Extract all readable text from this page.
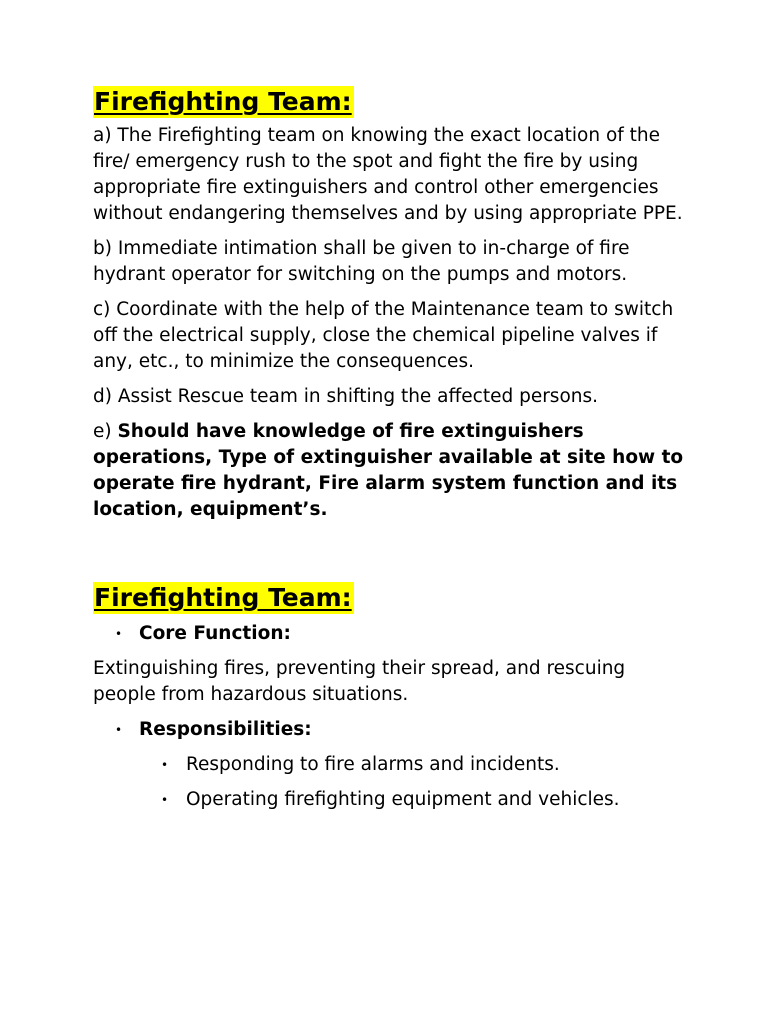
Firefighting Team:

a) The Firefighting team on knowing the exact location of the fire/ emergency rush to the spot and fight the fire by using appropriate fire extinguishers and control other emergencies without endangering themselves and by using appropriate PPE.

b) Immediate intimation shall be given to in-charge of fire hydrant operator for switching on the pumps and motors.

c) Coordinate with the help of the Maintenance team to switch off the electrical supply, close the chemical pipeline valves if any, etc., to minimize the consequences.

d) Assist Rescue team in shifting the affected persons.

e) Should have knowledge of fire extinguishers operations, Type of extinguisher available at site how to operate fire hydrant, Fire alarm system function and its location, equipment’s.

Firefighting Team:
• Core Function:

Extinguishing fires, preventing their spread, and rescuing people from hazardous situations.

• Responsibilities:
• Responding to fire alarms and incidents.
• Operating firefighting equipment and vehicles.
